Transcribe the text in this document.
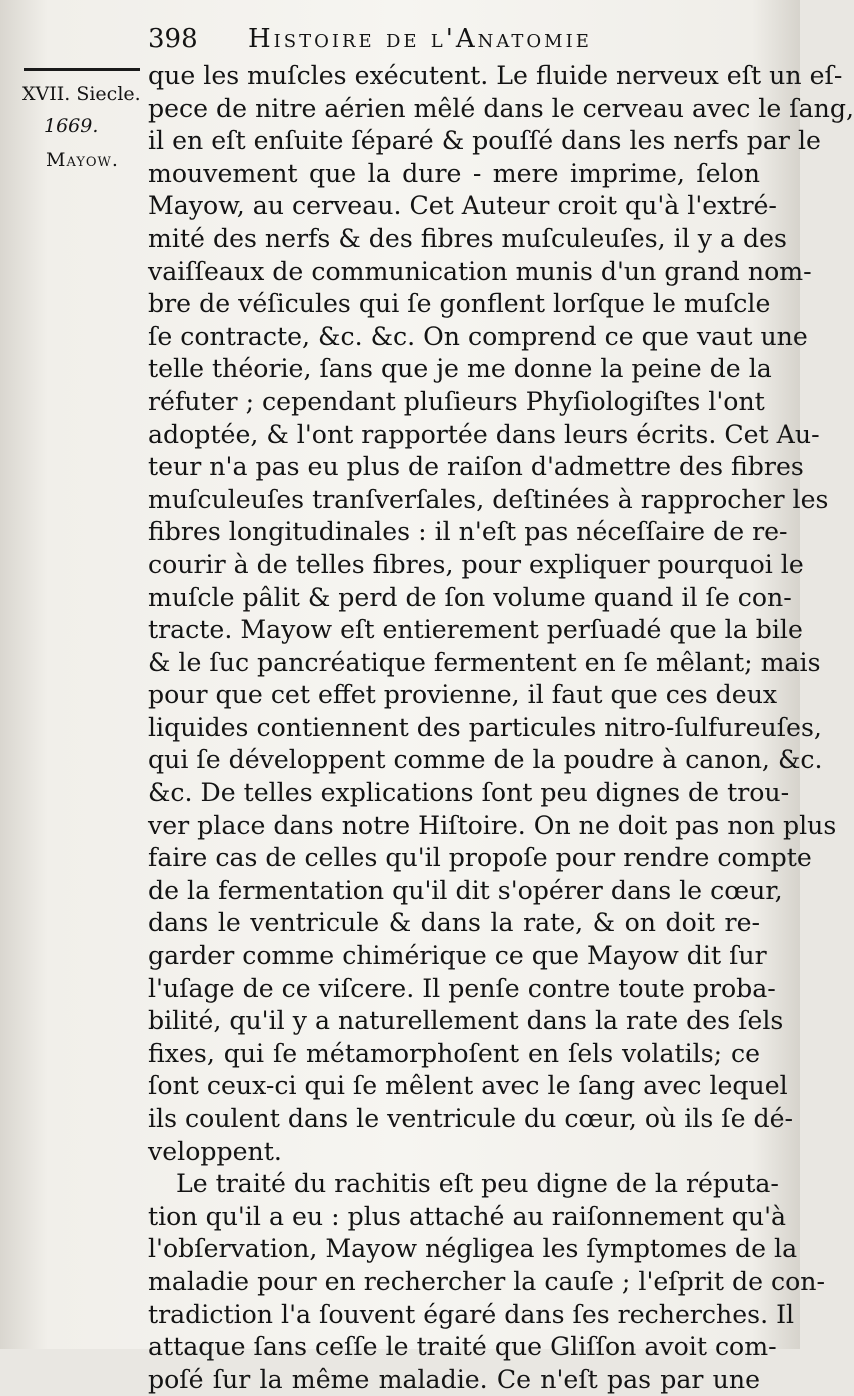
398 Histoire de l'Anatomie
XVII. Siecle.
1669.
Mayow.
que les muſcles exécutent. Le fluide nerveux eſt un eſ-
pece de nitre aérien mêlé dans le cerveau avec le ſang,
il en eſt enſuite ſéparé & pouſſé dans les nerfs par le
mouvement que la dure - mere imprime, ſelon
Mayow, au cerveau. Cet Auteur croit qu'à l'extré-
mité des nerfs & des fibres muſculeuſes, il y a des
vaiſſeaux de communication munis d'un grand nom-
bre de véſicules qui ſe gonflent lorſque le muſcle
ſe contracte, &c. &c. On comprend ce que vaut une
telle théorie, ſans que je me donne la peine de la
réfuter ; cependant pluſieurs Phyſiologiſtes l'ont
adoptée, & l'ont rapportée dans leurs écrits. Cet Au-
teur n'a pas eu plus de raiſon d'admettre des fibres
muſculeuſes tranſverſales, deſtinées à rapprocher les
fibres longitudinales : il n'eſt pas néceſſaire de re-
courir à de telles fibres, pour expliquer pourquoi le
muſcle pâlit & perd de ſon volume quand il ſe con-
tracte. Mayow eſt entierement perſuadé que la bile
& le ſuc pancréatique fermentent en ſe mêlant; mais
pour que cet effet provienne, il faut que ces deux
liquides contiennent des particules nitro-ſulfureuſes,
qui ſe développent comme de la poudre à canon, &c.
&c. De telles explications ſont peu dignes de trou-
ver place dans notre Hiſtoire. On ne doit pas non plus
faire cas de celles qu'il propoſe pour rendre compte
de la fermentation qu'il dit s'opérer dans le cœur,
dans le ventricule & dans la rate, & on doit re-
garder comme chimérique ce que Mayow dit ſur
l'uſage de ce viſcere. Il penſe contre toute proba-
bilité, qu'il y a naturellement dans la rate des ſels
fixes, qui ſe métamorphoſent en ſels volatils; ce
ſont ceux-ci qui ſe mêlent avec le ſang avec lequel
ils coulent dans le ventricule du cœur, où ils ſe dé-
veloppent.
Le traité du rachitis eſt peu digne de la réputa-
tion qu'il a eu : plus attaché au raiſonnement qu'à
l'obſervation, Mayow négligea les ſymptomes de la
maladie pour en rechercher la cauſe ; l'eſprit de con-
tradiction l'a ſouvent égaré dans ſes recherches. Il
attaque ſans ceſſe le traité que Gliſſon avoit com-
poſé ſur la même maladie. Ce n'eſt pas par une
